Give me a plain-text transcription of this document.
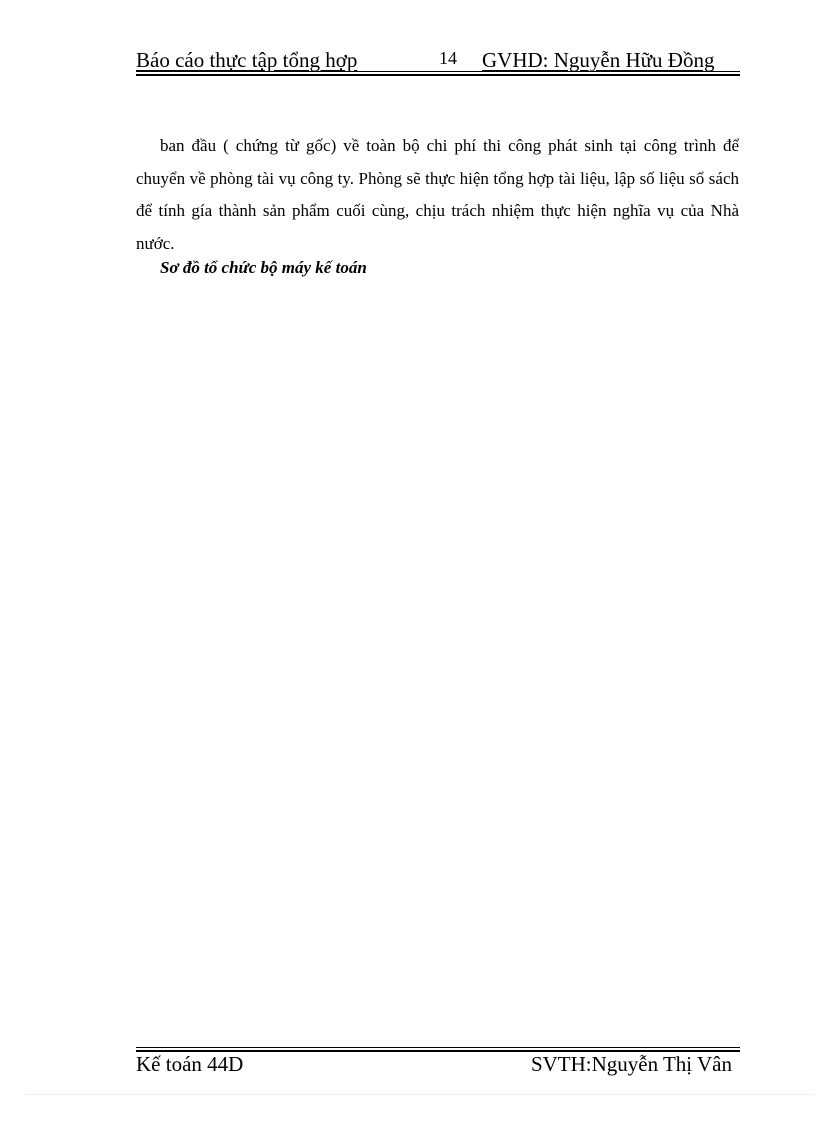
Báo cáo thực tập tổng hợp	14 GVHD: Nguyễn Hữu Đồng

ban đầu ( chứng từ gốc) về toàn bộ chi phí thi công phát sinh tại công trình để chuyển về phòng tài vụ công ty. Phòng sẽ thực hiện tổng hợp tài liệu, lập số liệu sổ sách để tính gía thành sản phẩm cuối cùng, chịu trách nhiệm thực hiện nghĩa vụ của Nhà nước.

Sơ đồ tổ chức bộ máy kế toán
Kế toán 44D	SVTH:Nguyễn Thị Vân
